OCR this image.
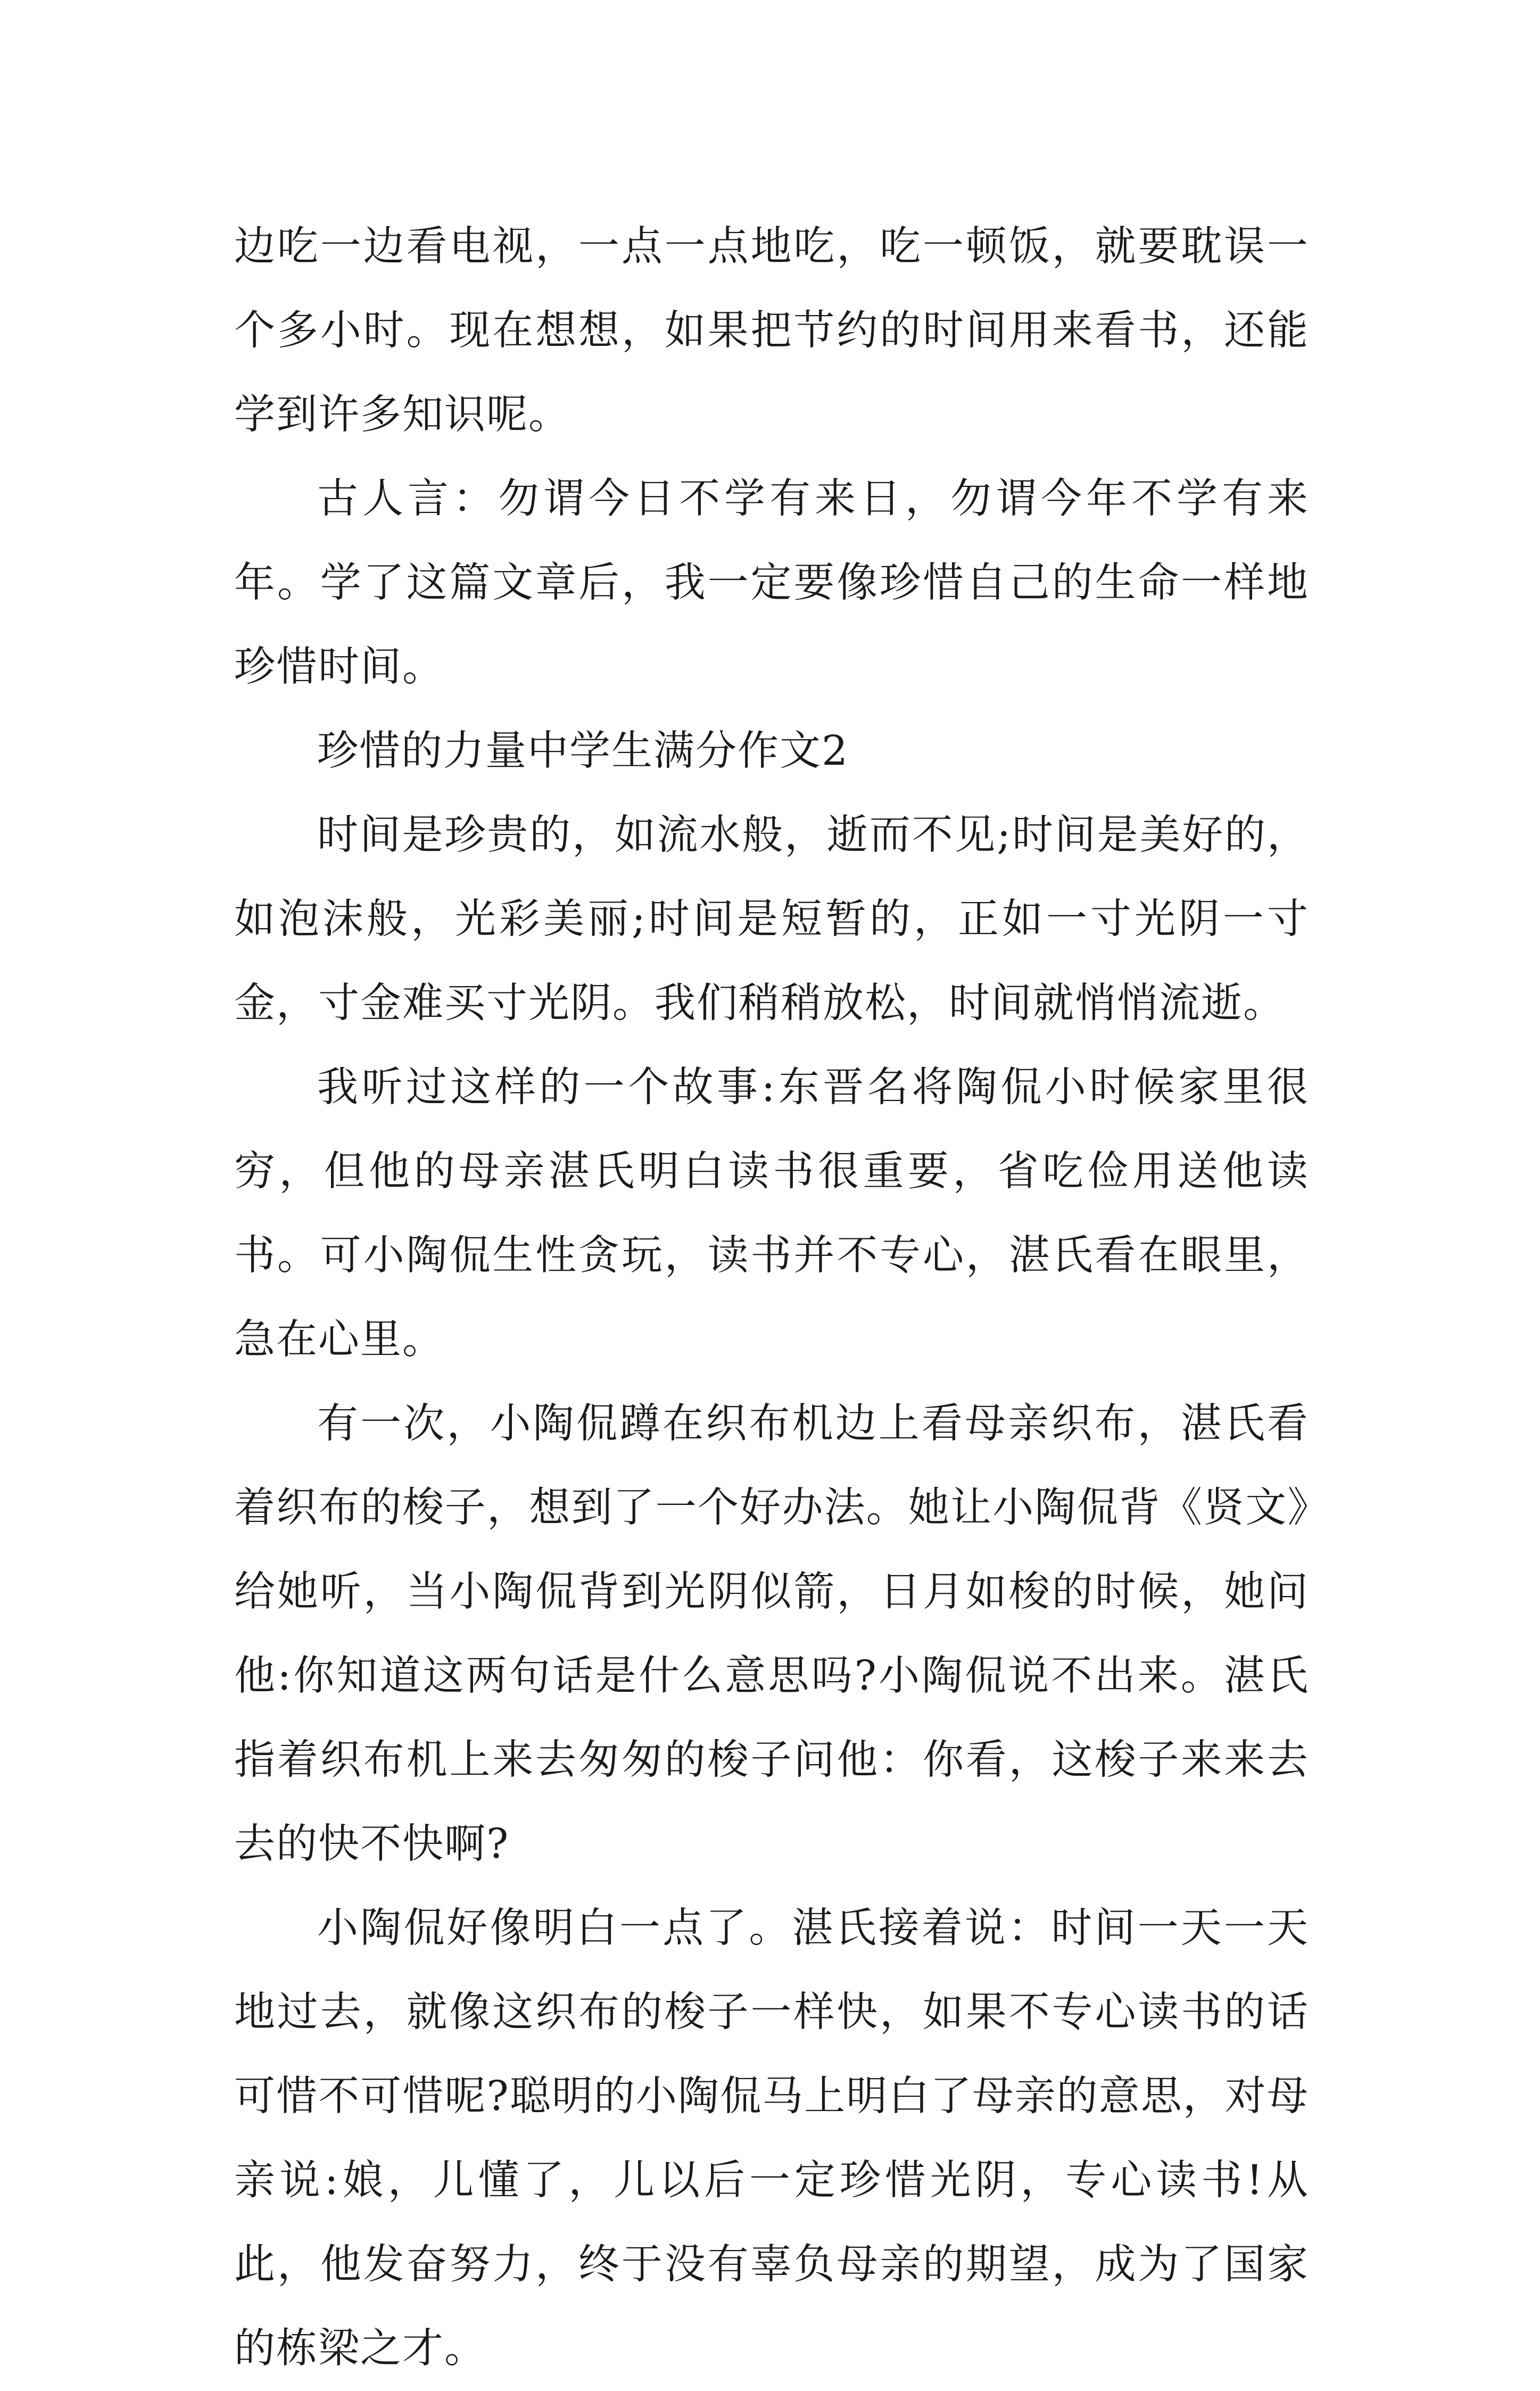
边吃一边看电视，一点一点地吃，吃一顿饭，就要耽误一个多小时。现在想想，如果把节约的时间用来看书，还能学到许多知识呢。

古人言：勿谓今日不学有来日，勿谓今年不学有来年。学了这篇文章后，我一定要像珍惜自己的生命一样地珍惜时间。

珍惜的力量中学生满分作文2

时间是珍贵的，如流水般，逝而不见;时间是美好的，如泡沫般，光彩美丽;时间是短暂的，正如一寸光阴一寸金，寸金难买寸光阴。我们稍稍放松，时间就悄悄流逝。

我听过这样的一个故事:东晋名将陶侃小时候家里很穷，但他的母亲湛氏明白读书很重要，省吃俭用送他读书。可小陶侃生性贪玩，读书并不专心，湛氏看在眼里，急在心里。

有一次，小陶侃蹲在织布机边上看母亲织布，湛氏看着织布的梭子，想到了一个好办法。她让小陶侃背《贤文》给她听，当小陶侃背到光阴似箭，日月如梭的时候，她问他:你知道这两句话是什么意思吗?小陶侃说不出来。湛氏指着织布机上来去匆匆的梭子问他：你看，这梭子来来去去的快不快啊?

小陶侃好像明白一点了。湛氏接着说：时间一天一天地过去，就像这织布的梭子一样快，如果不专心读书的话可惜不可惜呢?聪明的小陶侃马上明白了母亲的意思，对母亲说:娘，儿懂了，儿以后一定珍惜光阴，专心读书!从此，他发奋努力，终于没有辜负母亲的期望，成为了国家的栋梁之才。
